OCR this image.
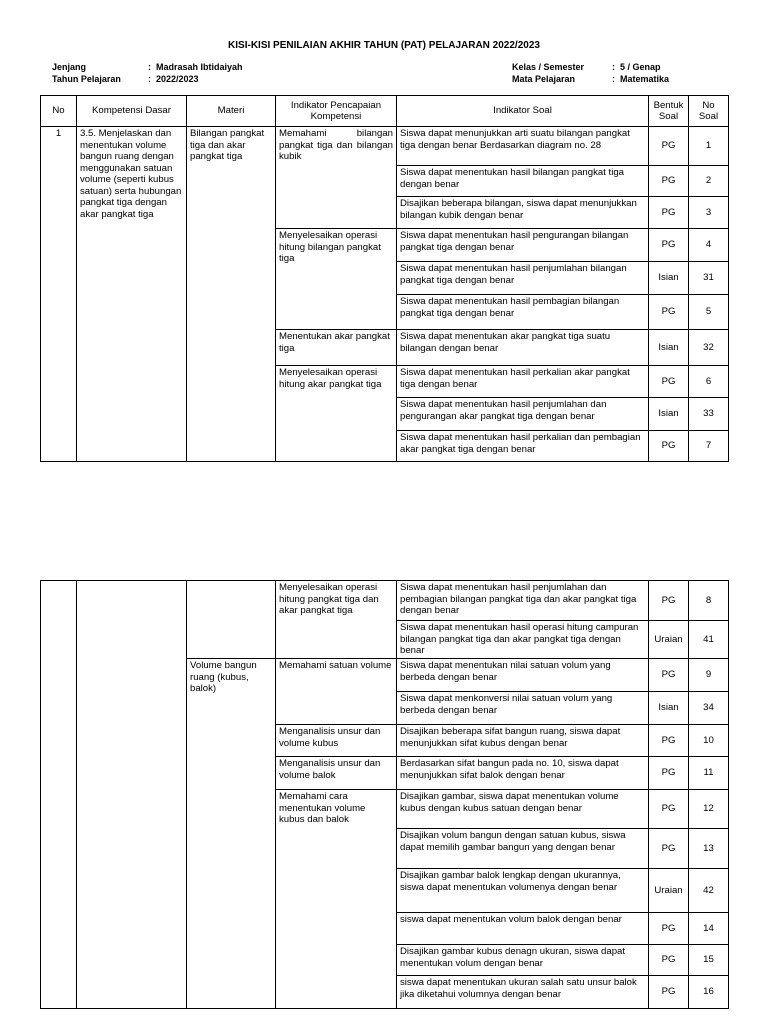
KISI-KISI PENILAIAN AKHIR TAHUN (PAT) PELAJARAN 2022/2023
Jenjang	: Madrasah Ibtidaiyah
Tahun Pelajaran	: 2022/2023
Kelas / Semester	: 5 / Genap
Mata Pelajaran	: Matematika
No	Kompetensi Dasar	Materi	Indikator Pencapaian Kompetensi	Indikator Soal	Bentuk Soal	No Soal
1	3.5. Menjelaskan dan menentukan volume bangun ruang dengan menggunakan satuan volume (seperti kubus satuan) serta hubungan pangkat tiga dengan akar pangkat tiga	Bilangan pangkat tiga dan akar pangkat tiga	Memahami bilangan pangkat tiga dan bilangan kubik	Siswa dapat menunjukkan arti suatu bilangan pangkat tiga dengan benar Berdasarkan diagram no. 28	PG	1
				Siswa dapat menentukan hasil bilangan pangkat tiga dengan benar	PG	2
				Disajikan beberapa bilangan, siswa dapat menunjukkan bilangan kubik dengan benar	PG	3
			Menyelesaikan operasi hitung bilangan pangkat tiga	Siswa dapat menentukan hasil pengurangan bilangan pangkat tiga dengan benar	PG	4
				Siswa dapat menentukan hasil penjumlahan bilangan pangkat tiga dengan benar	Isian	31
				Siswa dapat menentukan hasil pembagian bilangan pangkat tiga dengan benar	PG	5
			Menentukan akar pangkat tiga	Siswa dapat menentukan akar pangkat tiga suatu bilangan dengan benar	Isian	32
			Menyelesaikan operasi hitung akar pangkat tiga	Siswa dapat menentukan hasil perkalian akar pangkat tiga dengan benar	PG	6
				Siswa dapat menentukan hasil penjumlahan dan pengurangan akar pangkat tiga dengan benar	Isian	33
				Siswa dapat menentukan hasil perkalian dan pembagian akar pangkat tiga dengan benar	PG	7
			Menyelesaikan operasi hitung pangkat tiga dan akar pangkat tiga	Siswa dapat menentukan hasil penjumlahan dan pembagian bilangan pangkat tiga dan akar pangkat tiga dengan benar	PG	8
				Siswa dapat menentukan hasil operasi hitung campuran bilangan pangkat tiga dan akar pangkat tiga dengan benar	Uraian	41
		Volume bangun ruang (kubus, balok)	Memahami satuan volume	Siswa dapat menentukan nilai satuan volum yang berbeda dengan benar	PG	9
				Siswa dapat menkonversi nilai satuan volum yang berbeda dengan benar	Isian	34
			Menganalisis unsur dan volume kubus	Disajikan beberapa sifat bangun ruang, siswa dapat menunjukkan sifat kubus dengan benar	PG	10
			Menganalisis unsur dan volume balok	Berdasarkan sifat bangun pada no. 10, siswa dapat menunjukkan sifat balok dengan benar	PG	11
			Memahami cara menentukan volume kubus dan balok	Disajikan gambar, siswa dapat menentukan volume kubus dengan kubus satuan dengan benar	PG	12
				Disajikan volum bangun dengan satuan kubus, siswa dapat memilih gambar bangun yang dengan benar	PG	13
				Disajikan gambar balok lengkap dengan ukurannya, siswa dapat menentukan volumenya dengan benar	Uraian	42
				siswa dapat menentukan volum balok dengan benar	PG	14
				Disajikan gambar kubus denagn ukuran, siswa dapat menentukan volum dengan benar	PG	15
				siswa dapat menentukan ukuran salah satu unsur balok jika diketahui volumnya dengan benar	PG	16
